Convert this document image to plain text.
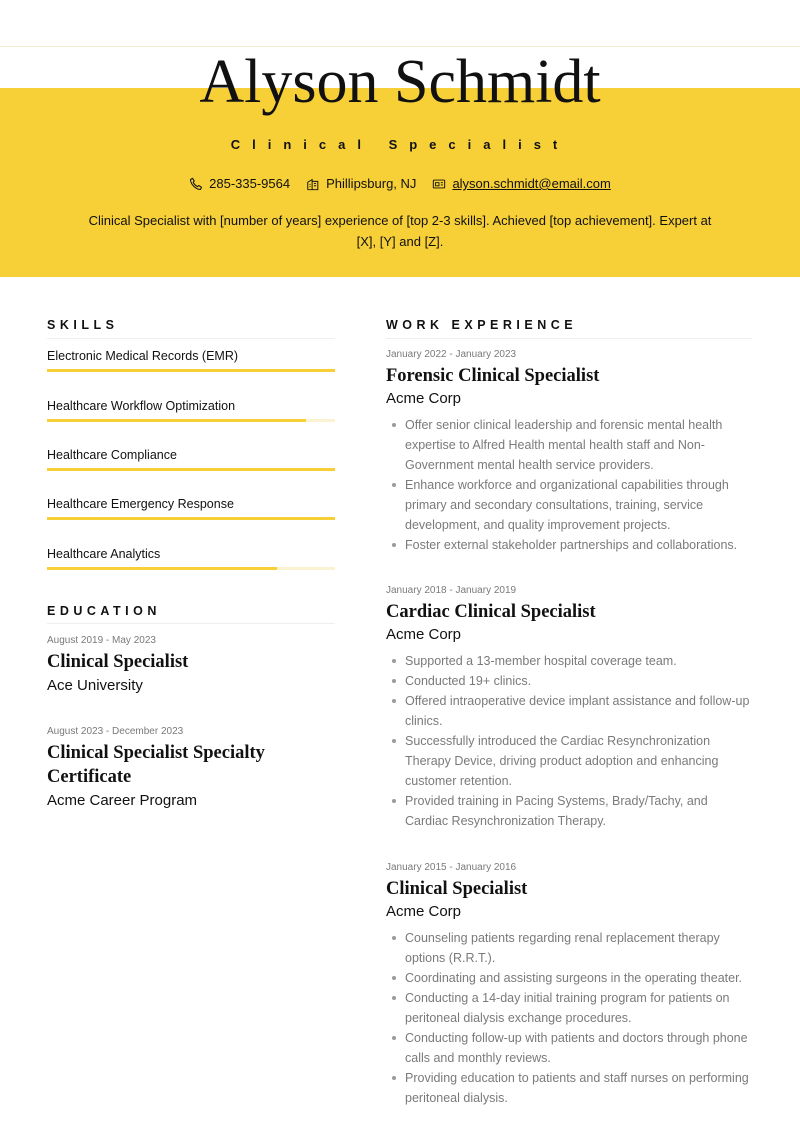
Alyson Schmidt
Clinical Specialist
285-335-9564	Phillipsburg, NJ	alyson.schmidt@email.com
Clinical Specialist with [number of years] experience of [top 2-3 skills]. Achieved [top achievement]. Expert at [X], [Y] and [Z].
SKILLS
Electronic Medical Records (EMR)
Healthcare Workflow Optimization
Healthcare Compliance
Healthcare Emergency Response
Healthcare Analytics
EDUCATION
August 2019 - May 2023
Clinical Specialist
Ace University
August 2023 - December 2023
Clinical Specialist Specialty Certificate
Acme Career Program
WORK EXPERIENCE
January 2022 - January 2023
Forensic Clinical Specialist
Acme Corp
Offer senior clinical leadership and forensic mental health expertise to Alfred Health mental health staff and Non-Government mental health service providers.
Enhance workforce and organizational capabilities through primary and secondary consultations, training, service development, and quality improvement projects.
Foster external stakeholder partnerships and collaborations.
January 2018 - January 2019
Cardiac Clinical Specialist
Acme Corp
Supported a 13-member hospital coverage team.
Conducted 19+ clinics.
Offered intraoperative device implant assistance and follow-up clinics.
Successfully introduced the Cardiac Resynchronization Therapy Device, driving product adoption and enhancing customer retention.
Provided training in Pacing Systems, Brady/Tachy, and Cardiac Resynchronization Therapy.
January 2015 - January 2016
Clinical Specialist
Acme Corp
Counseling patients regarding renal replacement therapy options (R.R.T.).
Coordinating and assisting surgeons in the operating theater.
Conducting a 14-day initial training program for patients on peritoneal dialysis exchange procedures.
Conducting follow-up with patients and doctors through phone calls and monthly reviews.
Providing education to patients and staff nurses on performing peritoneal dialysis.
